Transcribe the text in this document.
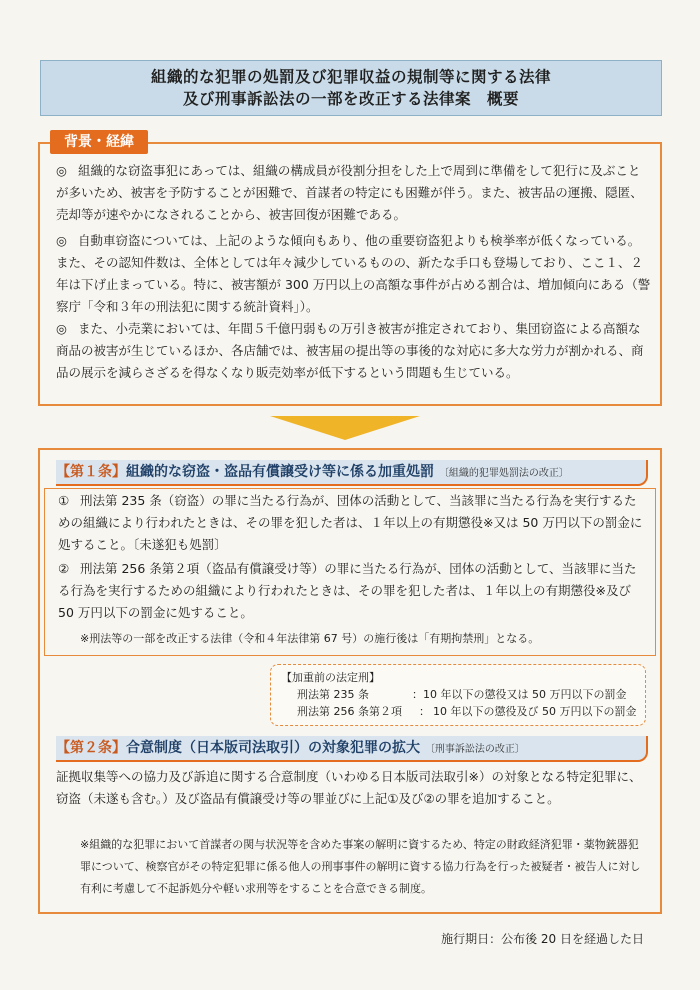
組織的な犯罪の処罰及び犯罪収益の規制等に関する法律
及び刑事訴訟法の一部を改正する法律案　概要
背景・経緯

◎ 組織的な窃盗事犯にあっては、組織の構成員が役割分担をした上で周到に準備をして犯行に及ぶことが多いため、被害を予防することが困難で、首謀者の特定にも困難が伴う。また、被害品の運搬、隠匿、売却等が速やかになされることから、被害回復が困難である。

◎ 自動車窃盗については、上記のような傾向もあり、他の重要窃盗犯よりも検挙率が低くなっている。また、その認知件数は、全体としては年々減少しているものの、新たな手口も登場しており、ここ１、２年は下げ止まっている。特に、被害額が 300 万円以上の高額な事件が占める割合は、増加傾向にある（警察庁「令和３年の刑法犯に関する統計資料」）。

◎ また、小売業においては、年間５千億円弱もの万引き被害が推定されており、集団窃盗による高額な商品の被害が生じているほか、各店舗では、被害届の提出等の事後的な対応に多大な労力が割かれる、商品の展示を減らさざるを得なくなり販売効率が低下するという問題も生じている。

【第１条】組織的な窃盗・盗品有償譲受け等に係る加重処罰 〔組織的犯罪処罰法の改正〕
① 刑法第 235 条（窃盗）の罪に当たる行為が、団体の活動として、当該罪に当たる行為を実行するための組織により行われたときは、その罪を犯した者は、１年以上の有期懲役※又は 50 万円以下の罰金に処すること。〔未遂犯も処罰〕
② 刑法第 256 条第２項（盗品有償譲受け等）の罪に当たる行為が、団体の活動として、当該罪に当たる行為を実行するための組織により行われたときは、その罪を犯した者は、１年以上の有期懲役※及び 50 万円以下の罰金に処すること。
※刑法等の一部を改正する法律（令和４年法律第 67 号）の施行後は「有期拘禁刑」となる。
【加重前の法定刑】
刑法第 235 条	　：10 年以下の懲役又は 50 万円以下の罰金
刑法第 256 条第２項 ： 10 年以下の懲役及び 50 万円以下の罰金
【第２条】合意制度（日本版司法取引）の対象犯罪の拡大 〔刑事訴訟法の改正〕
証拠収集等への協力及び訴追に関する合意制度（いわゆる日本版司法取引※）の対象となる特定犯罪に、窃盗（未遂も含む。）及び盗品有償譲受け等の罪並びに上記①及び②の罪を追加すること。
※組織的な犯罪において首謀者の関与状況等を含めた事案の解明に資するため、特定の財政経済犯罪・薬物銃器犯罪について、検察官がその特定犯罪に係る他人の刑事事件の解明に資する協力行為を行った被疑者・被告人に対し有利に考慮して不起訴処分や軽い求刑等をすることを合意できる制度。
施行期日：公布後 20 日を経過した日
